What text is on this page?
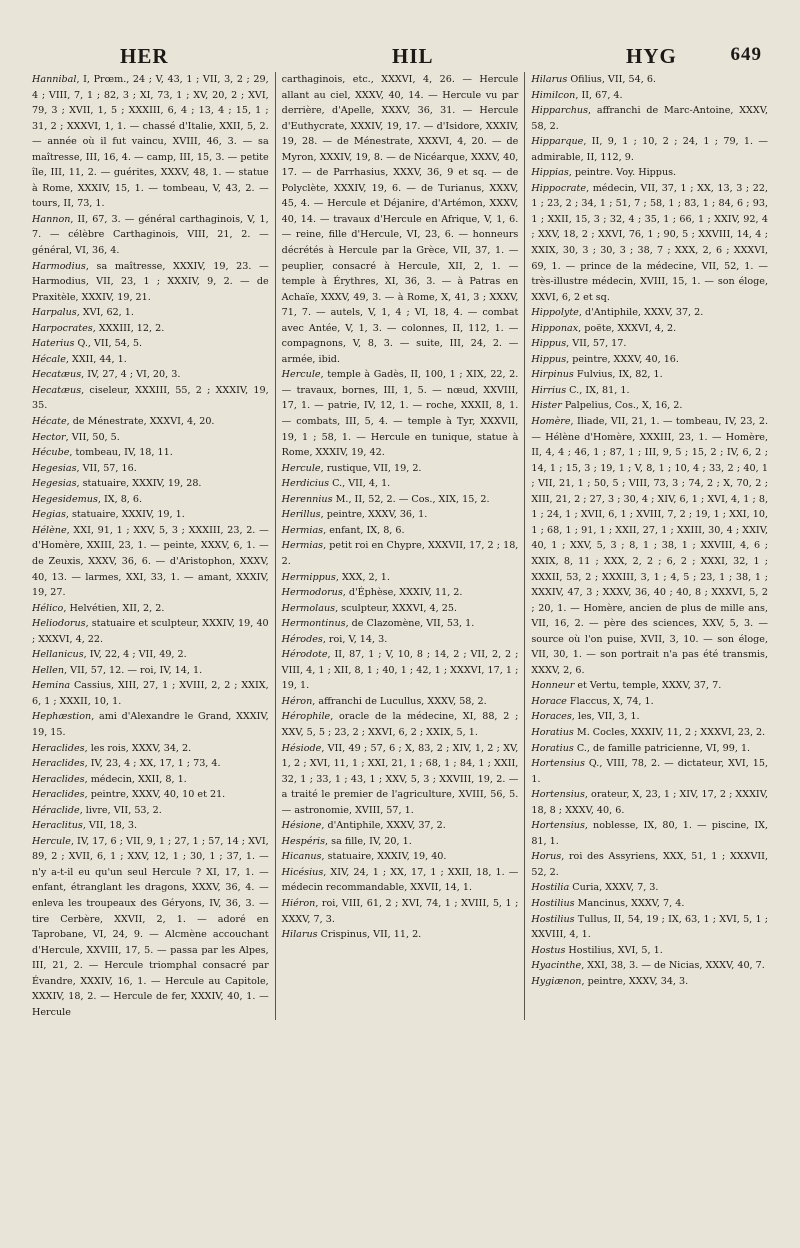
HER	HIL	HYG	649

Hannibal, I, Prœm., 24 ; V, 43, 1 ; VII, 3, 2 ; 29, 4 ; VIII, 7, 1 ; 82, 3 ; XI, 73, 1 ; XV, 20, 2 ; XVI, 79, 3 ; XVII, 1, 5 ; XXXIII, 6, 4 ; 13, 4 ; 15, 1 ; 31, 2 ; XXXVI, 1, 1. — chassé d'Italie, XXII, 5, 2. — année où il fut vaincu, XVIII, 46, 3. — sa maîtresse, III, 16, 4. — camp, III, 15, 3. — petite île, III, 11, 2. — guérites, XXXV, 48, 1. — statue à Rome, XXXIV, 15, 1. — tombeau, V, 43, 2. — tours, II, 73, 1.

Hannon, II, 67, 3. — général carthaginois, V, 1, 7. — célèbre Carthaginois, VIII, 21, 2. — général, VI, 36, 4.

Harmodius, sa maîtresse, XXXIV, 19, 23. — Harmodius, VII, 23, 1 ; XXXIV, 9, 2. — de Praxitèle, XXXIV, 19, 21.

Harpalus, XVI, 62, 1.

Harpocrates, XXXIII, 12, 2.

Haterius Q., VII, 54, 5.

Hécale, XXII, 44, 1.

Hecatæus, IV, 27, 4 ; VI, 20, 3.

Hecatæus, ciseleur, XXXIII, 55, 2 ; XXXIV, 19, 35.

Hécate, de Ménestrate, XXXVI, 4, 20.

Hector, VII, 50, 5.

Hécube, tombeau, IV, 18, 11.

Hegesias, VII, 57, 16.

Hegesias, statuaire, XXXIV, 19, 28.

Hegesidemus, IX, 8, 6.

Hegias, statuaire, XXXIV, 19, 1.

Hélène, XXI, 91, 1 ; XXV, 5, 3 ; XXXIII, 23, 2. — d'Homère, XXIII, 23, 1. — peinte, XXXV, 6, 1. — de Zeuxis, XXXV, 36, 6. — d'Aristophon, XXXV, 40, 13. — larmes, XXI, 33, 1. — amant, XXXIV, 19, 27.

Hélico, Helvétien, XII, 2, 2.

Heliodorus, statuaire et sculpteur, XXXIV, 19, 40 ; XXXVI, 4, 22.

Hellanicus, IV, 22, 4 ; VII, 49, 2.

Hellen, VII, 57, 12. — roi, IV, 14, 1.

Hemina Cassius, XIII, 27, 1 ; XVIII, 2, 2 ; XXIX, 6, 1 ; XXXII, 10, 1.

Hephæstion, ami d'Alexandre le Grand, XXXIV, 19, 15.

Heraclides, les rois, XXXV, 34, 2.

Heraclides, IV, 23, 4 ; XX, 17, 1 ; 73, 4.

Heraclides, médecin, XXII, 8, 1.

Heraclides, peintre, XXXV, 40, 10 et 21.

Héraclide, livre, VII, 53, 2.

Heraclitus, VII, 18, 3.

Hercule, IV, 17, 6 ; VII, 9, 1 ; 27, 1 ; 57, 14 ; XVI, 89, 2 ; XVII, 6, 1 ; XXV, 12, 1 ; 30, 1 ; 37, 1. — n'y a-t-il eu qu'un seul Hercule ? XI, 17, 1. — enfant, étranglant les dragons, XXXV, 36, 4. — enleva les troupeaux des Géryons, IV, 36, 3. — tire Cerbère, XXVII, 2, 1. — adoré en Taprobane, VI, 24, 9. — Alcmène accouchant d'Hercule, XXVIII, 17, 5. — passa par les Alpes, III, 21, 2. — Hercule triomphal consacré par Évandre, XXXIV, 16, 1. — Hercule au Capitole, XXXIV, 18, 2. — Hercule de fer, XXXIV, 40, 1. — Hercule

carthaginois, etc., XXXVI, 4, 26. — Hercule allant au ciel, XXXV, 40, 14. — Hercule vu par derrière, d'Apelle, XXXV, 36, 31. — Hercule d'Euthycrate, XXXIV, 19, 17. — d'Isidore, XXXIV, 19, 28. — de Ménestrate, XXXVI, 4, 20. — de Myron, XXXIV, 19, 8. — de Nicéarque, XXXV, 40, 17. — de Parrhasius, XXXV, 36, 9 et sq. — de Polyclète, XXXIV, 19, 6. — de Turianus, XXXV, 45, 4. — Hercule et Déjanire, d'Artémon, XXXV, 40, 14. — travaux d'Hercule en Afrique, V, 1, 6. — reine, fille d'Hercule, VI, 23, 6. — honneurs décrétés à Hercule par la Grèce, VII, 37, 1. — peuplier, consacré à Hercule, XII, 2, 1. — temple à Érythres, XI, 36, 3. — à Patras en Achaïe, XXXV, 49, 3. — à Rome, X, 41, 3 ; XXXV, 71, 7. — autels, V, 1, 4 ; VI, 18, 4. — combat avec Antée, V, 1, 3. — colonnes, II, 112, 1. — compagnons, V, 8, 3. — suite, III, 24, 2. — armée, ibid.

Hercule, temple à Gadès, II, 100, 1 ; XIX, 22, 2. — travaux, bornes, III, 1, 5. — nœud, XXVIII, 17, 1. — patrie, IV, 12, 1. — roche, XXXII, 8, 1. — combats, III, 5, 4. — temple à Tyr, XXXVII, 19, 1 ; 58, 1. — Hercule en tunique, statue à Rome, XXXIV, 19, 42.

Hercule, rustique, VII, 19, 2.

Herdicius C., VII, 4, 1.

Herennius M., II, 52, 2. — Cos., XIX, 15, 2.

Herillus, peintre, XXXV, 36, 1.

Hermias, enfant, IX, 8, 6.

Hermias, petit roi en Chypre, XXXVII, 17, 2 ; 18, 2.

Hermippus, XXX, 2, 1.

Hermodorus, d'Éphèse, XXXIV, 11, 2.

Hermolaus, sculpteur, XXXVI, 4, 25.

Hermontinus, de Clazomène, VII, 53, 1.

Hérodes, roi, V, 14, 3.

Hérodote, II, 87, 1 ; V, 10, 8 ; 14, 2 ; VII, 2, 2 ; VIII, 4, 1 ; XII, 8, 1 ; 40, 1 ; 42, 1 ; XXXVI, 17, 1 ; 19, 1.

Héron, affranchi de Lucullus, XXXV, 58, 2.

Hérophile, oracle de la médecine, XI, 88, 2 ; XXV, 5, 5 ; 23, 2 ; XXVI, 6, 2 ; XXIX, 5, 1.

Hésiode, VII, 49 ; 57, 6 ; X, 83, 2 ; XIV, 1, 2 ; XV, 1, 2 ; XVI, 11, 1 ; XXI, 21, 1 ; 68, 1 ; 84, 1 ; XXII, 32, 1 ; 33, 1 ; 43, 1 ; XXV, 5, 3 ; XXVIII, 19, 2. — a traité le premier de l'agriculture, XVIII, 56, 5. — astronomie, XVIII, 57, 1.

Hésione, d'Antiphile, XXXV, 37, 2.

Hespéris, sa fille, IV, 20, 1.

Hicanus, statuaire, XXXIV, 19, 40.

Hicésius, XIV, 24, 1 ; XX, 17, 1 ; XXII, 18, 1. — médecin recommandable, XXVII, 14, 1.

Hiéron, roi, VIII, 61, 2 ; XVI, 74, 1 ; XVIII, 5, 1 ; XXXV, 7, 3.

Hilarus Crispinus, VII, 11, 2.

Hilarus Ofilius, VII, 54, 6.

Himilcon, II, 67, 4.

Hipparchus, affranchi de Marc-Antoine, XXXV, 58, 2.

Hipparque, II, 9, 1 ; 10, 2 ; 24, 1 ; 79, 1. — admirable, II, 112, 9.

Hippias, peintre. Voy. Hippus.

Hippocrate, médecin, VII, 37, 1 ; XX, 13, 3 ; 22, 1 ; 23, 2 ; 34, 1 ; 51, 7 ; 58, 1 ; 83, 1 ; 84, 6 ; 93, 1 ; XXII, 15, 3 ; 32, 4 ; 35, 1 ; 66, 1 ; XXIV, 92, 4 ; XXV, 18, 2 ; XXVI, 76, 1 ; 90, 5 ; XXVIII, 14, 4 ; XXIX, 30, 3 ; 30, 3 ; 38, 7 ; XXX, 2, 6 ; XXXVI, 69, 1. — prince de la médecine, VII, 52, 1. — très-illustre médecin, XVIII, 15, 1. — son éloge, XXVI, 6, 2 et sq.

Hippolyte, d'Antiphile, XXXV, 37, 2.

Hipponax, poëte, XXXVI, 4, 2.

Hippus, VII, 57, 17.

Hippus, peintre, XXXV, 40, 16.

Hirpinus Fulvius, IX, 82, 1.

Hirrius C., IX, 81, 1.

Hister Palpelius, Cos., X, 16, 2.

Homère, Iliade, VII, 21, 1. — tombeau, IV, 23, 2. — Hélène d'Homère, XXXIII, 23, 1. — Homère, II, 4, 4 ; 46, 1 ; 87, 1 ; III, 9, 5 ; 15, 2 ; IV, 6, 2 ; 14, 1 ; 15, 3 ; 19, 1 ; V, 8, 1 ; 10, 4 ; 33, 2 ; 40, 1 ; VII, 21, 1 ; 50, 5 ; VIII, 73, 3 ; 74, 2 ; X, 70, 2 ; XIII, 21, 2 ; 27, 3 ; 30, 4 ; XIV, 6, 1 ; XVI, 4, 1 ; 8, 1 ; 24, 1 ; XVII, 6, 1 ; XVIII, 7, 2 ; 19, 1 ; XXI, 10, 1 ; 68, 1 ; 91, 1 ; XXII, 27, 1 ; XXIII, 30, 4 ; XXIV, 40, 1 ; XXV, 5, 3 ; 8, 1 ; 38, 1 ; XXVIII, 4, 6 ; XXIX, 8, 11 ; XXX, 2, 2 ; 6, 2 ; XXXI, 32, 1 ; XXXII, 53, 2 ; XXXIII, 3, 1 ; 4, 5 ; 23, 1 ; 38, 1 ; XXXIV, 47, 3 ; XXXV, 36, 40 ; 40, 8 ; XXXVI, 5, 2 ; 20, 1. — Homère, ancien de plus de mille ans, VII, 16, 2. — père des sciences, XXV, 5, 3. — source où l'on puise, XVII, 3, 10. — son éloge, VII, 30, 1. — son portrait n'a pas été transmis, XXXV, 2, 6.

Honneur et Vertu, temple, XXXV, 37, 7.

Horace Flaccus, X, 74, 1.

Horaces, les, VII, 3, 1.

Horatius M. Cocles, XXXIV, 11, 2 ; XXXVI, 23, 2.

Horatius C., de famille patricienne, VI, 99, 1.

Hortensius Q., VIII, 78, 2. — dictateur, XVI, 15, 1.

Hortensius, orateur, X, 23, 1 ; XIV, 17, 2 ; XXXIV, 18, 8 ; XXXV, 40, 6.

Hortensius, noblesse, IX, 80, 1. — piscine, IX, 81, 1.

Horus, roi des Assyriens, XXX, 51, 1 ; XXXVII, 52, 2.

Hostilia Curia, XXXV, 7, 3.

Hostilius Mancinus, XXXV, 7, 4.

Hostilius Tullus, II, 54, 19 ; IX, 63, 1 ; XVI, 5, 1 ; XXVIII, 4, 1.

Hostus Hostilius, XVI, 5, 1.

Hyacinthe, XXI, 38, 3. — de Nicias, XXXV, 40, 7.

Hygiænon, peintre, XXXV, 34, 3.
